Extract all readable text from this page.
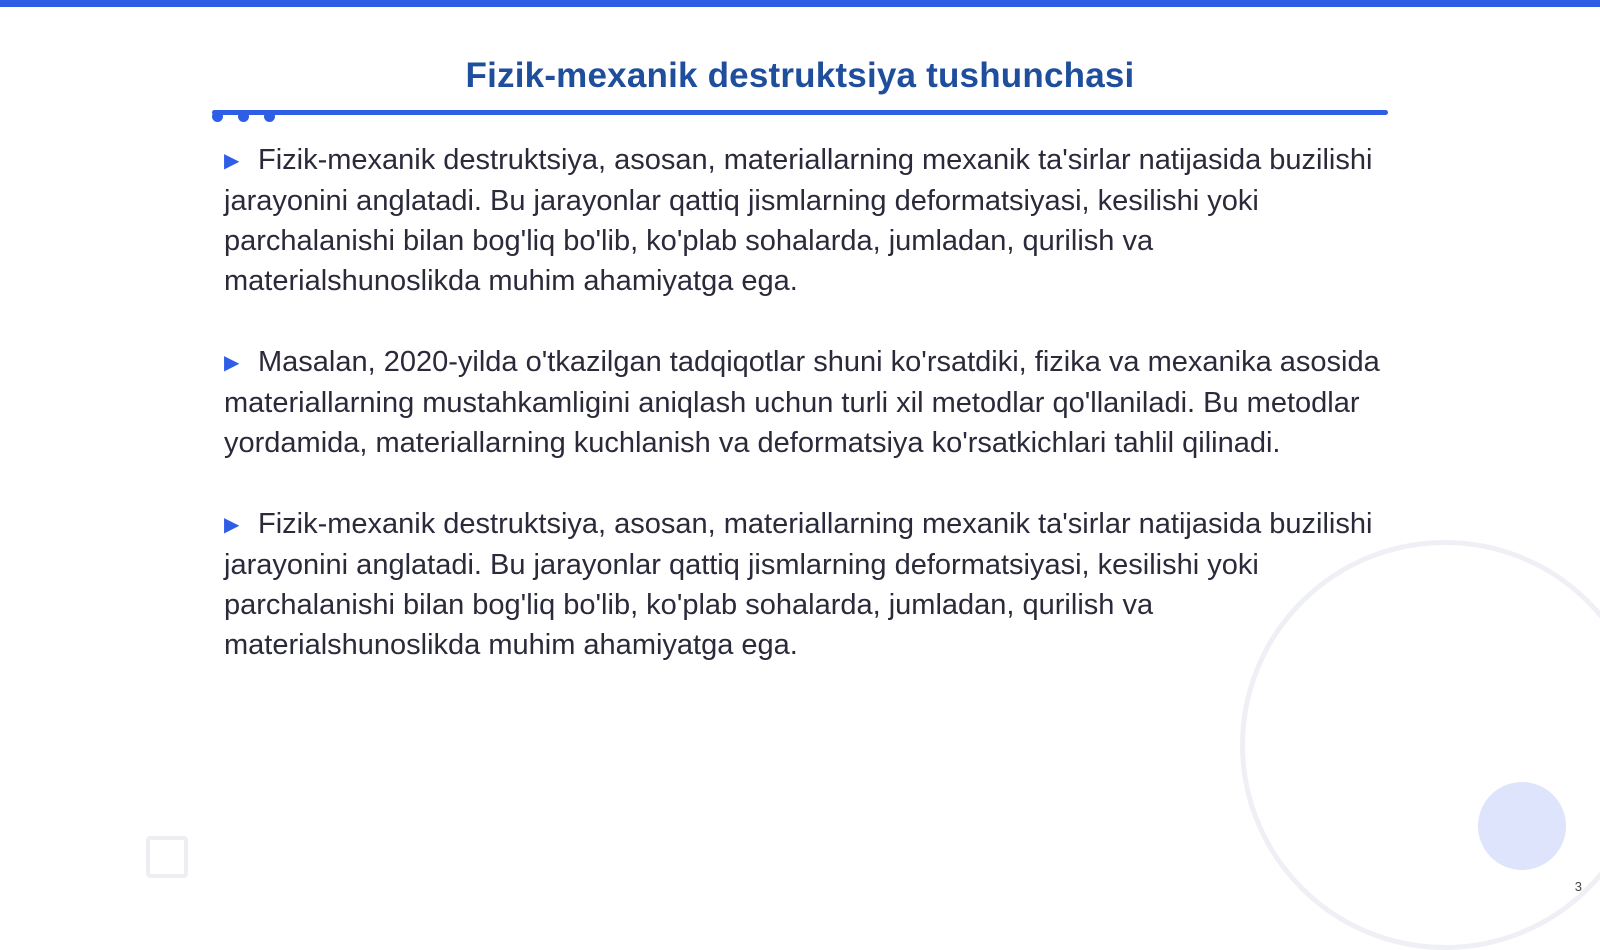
Fizik-mexanik destruktsiya tushunchasi

▶ Fizik-mexanik destruktsiya, asosan, materiallarning mexanik ta'sirlar natijasida buzilishi jarayonini anglatadi. Bu jarayonlar qattiq jismlarning deformatsiyasi, kesilishi yoki parchalanishi bilan bog'liq bo'lib, ko'plab sohalarda, jumladan, qurilish va materialshunoslikda muhim ahamiyatga ega.

▶ Masalan, 2020-yilda o'tkazilgan tadqiqotlar shuni ko'rsatdiki, fizika va mexanika asosida materiallarning mustahkamligini aniqlash uchun turli xil metodlar qo'llaniladi. Bu metodlar yordamida, materiallarning kuchlanish va deformatsiya ko'rsatkichlari tahlil qilinadi.

▶ Fizik-mexanik destruktsiya, asosan, materiallarning mexanik ta'sirlar natijasida buzilishi jarayonini anglatadi. Bu jarayonlar qattiq jismlarning deformatsiyasi, kesilishi yoki parchalanishi bilan bog'liq bo'lib, ko'plab sohalarda, jumladan, qurilish va materialshunoslikda muhim ahamiyatga ega.

3
